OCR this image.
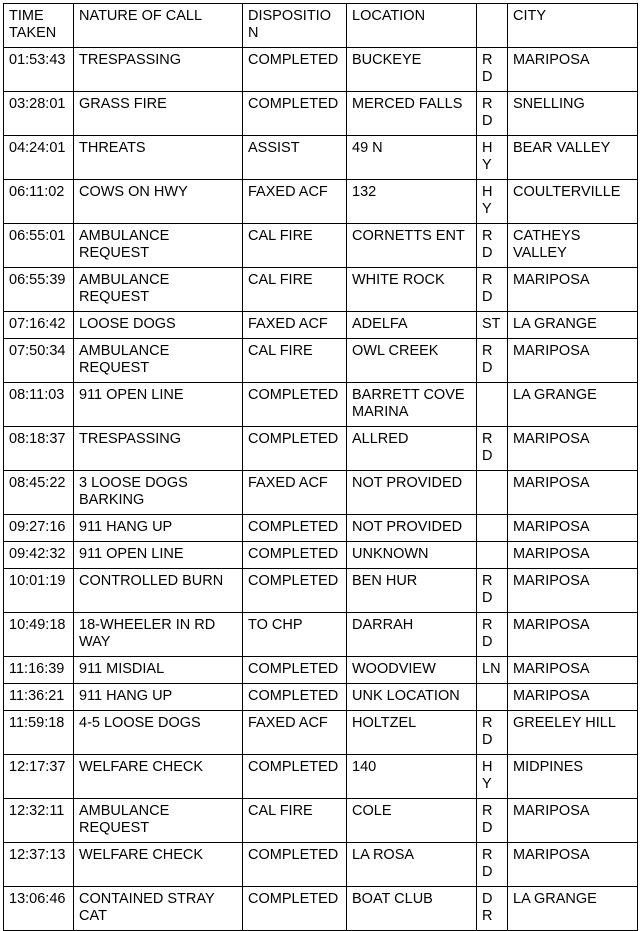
TIME TAKEN	NATURE OF CALL	DISPOSITION	LOCATION		CITY
01:53:43	TRESPASSING	COMPLETED	BUCKEYE	RD	MARIPOSA
03:28:01	GRASS FIRE	COMPLETED	MERCED FALLS	RD	SNELLING
04:24:01	THREATS	ASSIST	49 N	HY	BEAR VALLEY
06:11:02	COWS ON HWY	FAXED ACF	132	HY	COULTERVILLE
06:55:01	AMBULANCE REQUEST	CAL FIRE	CORNETTS ENT	RD	CATHEYS VALLEY
06:55:39	AMBULANCE REQUEST	CAL FIRE	WHITE ROCK	RD	MARIPOSA
07:16:42	LOOSE DOGS	FAXED ACF	ADELFA	ST	LA GRANGE
07:50:34	AMBULANCE REQUEST	CAL FIRE	OWL CREEK	RD	MARIPOSA
08:11:03	911 OPEN LINE	COMPLETED	BARRETT COVE MARINA		LA GRANGE
08:18:37	TRESPASSING	COMPLETED	ALLRED	RD	MARIPOSA
08:45:22	3 LOOSE DOGS BARKING	FAXED ACF	NOT PROVIDED		MARIPOSA
09:27:16	911 HANG UP	COMPLETED	NOT PROVIDED		MARIPOSA
09:42:32	911 OPEN LINE	COMPLETED	UNKNOWN		MARIPOSA
10:01:19	CONTROLLED BURN	COMPLETED	BEN HUR	RD	MARIPOSA
10:49:18	18-WHEELER IN RD WAY	TO CHP	DARRAH	RD	MARIPOSA
11:16:39	911 MISDIAL	COMPLETED	WOODVIEW	LN	MARIPOSA
11:36:21	911 HANG UP	COMPLETED	UNK LOCATION		MARIPOSA
11:59:18	4-5 LOOSE DOGS	FAXED ACF	HOLTZEL	RD	GREELEY HILL
12:17:37	WELFARE CHECK	COMPLETED	140	HY	MIDPINES
12:32:11	AMBULANCE REQUEST	CAL FIRE	COLE	RD	MARIPOSA
12:37:13	WELFARE CHECK	COMPLETED	LA ROSA	RD	MARIPOSA
13:06:46	CONTAINED STRAY CAT	COMPLETED	BOAT CLUB	DR	LA GRANGE
